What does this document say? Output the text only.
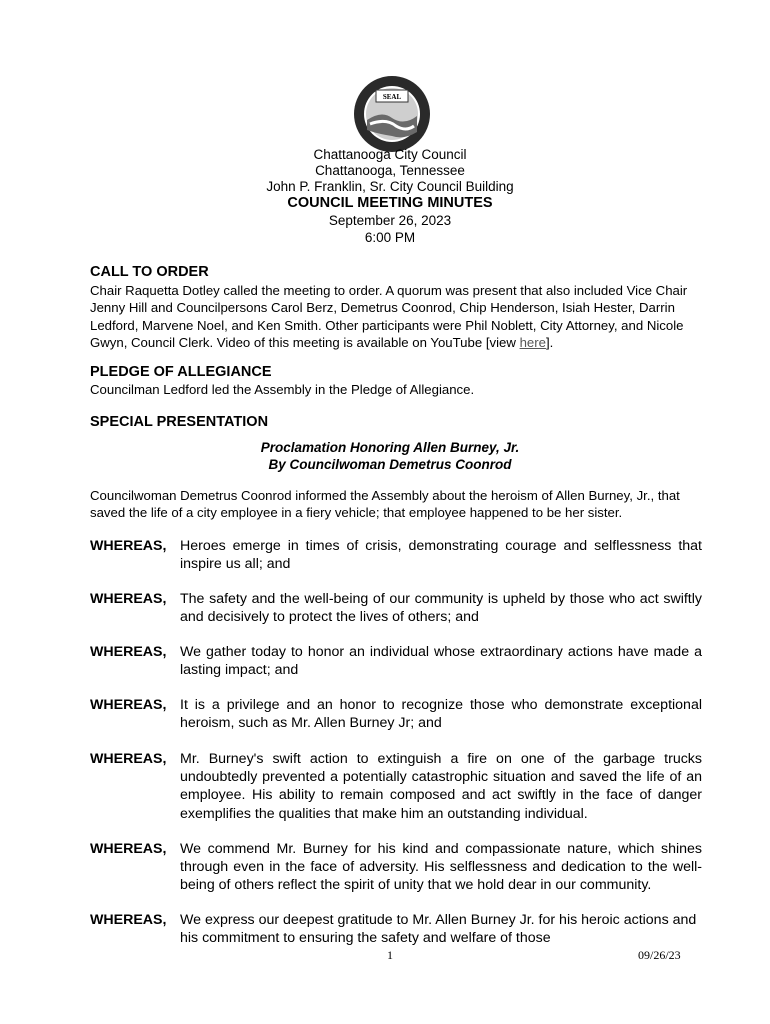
SEAL
Chattanooga City Council
Chattanooga, Tennessee
John P. Franklin, Sr. City Council Building
COUNCIL MEETING MINUTES
September 26, 2023
6:00 PM
CALL TO ORDER
Chair Raquetta Dotley called the meeting to order. A quorum was present that also included Vice Chair Jenny Hill and Councilpersons Carol Berz, Demetrus Coonrod, Chip Henderson, Isiah Hester, Darrin Ledford, Marvene Noel, and Ken Smith. Other participants were Phil Noblett, City Attorney, and Nicole Gwyn, Council Clerk. Video of this meeting is available on YouTube [view here].
PLEDGE OF ALLEGIANCE
Councilman Ledford led the Assembly in the Pledge of Allegiance.
SPECIAL PRESENTATION
Proclamation Honoring Allen Burney, Jr.
By Councilwoman Demetrus Coonrod
Councilwoman Demetrus Coonrod informed the Assembly about the heroism of Allen Burney, Jr., that saved the life of a city employee in a fiery vehicle; that employee happened to be her sister.
WHEREAS, Heroes emerge in times of crisis, demonstrating courage and selflessness that inspire us all; and
WHEREAS, The safety and the well-being of our community is upheld by those who act swiftly and decisively to protect the lives of others; and
WHEREAS, We gather today to honor an individual whose extraordinary actions have made a lasting impact; and
WHEREAS, It is a privilege and an honor to recognize those who demonstrate exceptional heroism, such as Mr. Allen Burney Jr; and
WHEREAS, Mr. Burney's swift action to extinguish a fire on one of the garbage trucks undoubtedly prevented a potentially catastrophic situation and saved the life of an employee. His ability to remain composed and act swiftly in the face of danger exemplifies the qualities that make him an outstanding individual.
WHEREAS, We commend Mr. Burney for his kind and compassionate nature, which shines through even in the face of adversity. His selflessness and dedication to the well-being of others reflect the spirit of unity that we hold dear in our community.
WHEREAS, We express our deepest gratitude to Mr. Allen Burney Jr. for his heroic actions and his commitment to ensuring the safety and welfare of those
1	09/26/23
